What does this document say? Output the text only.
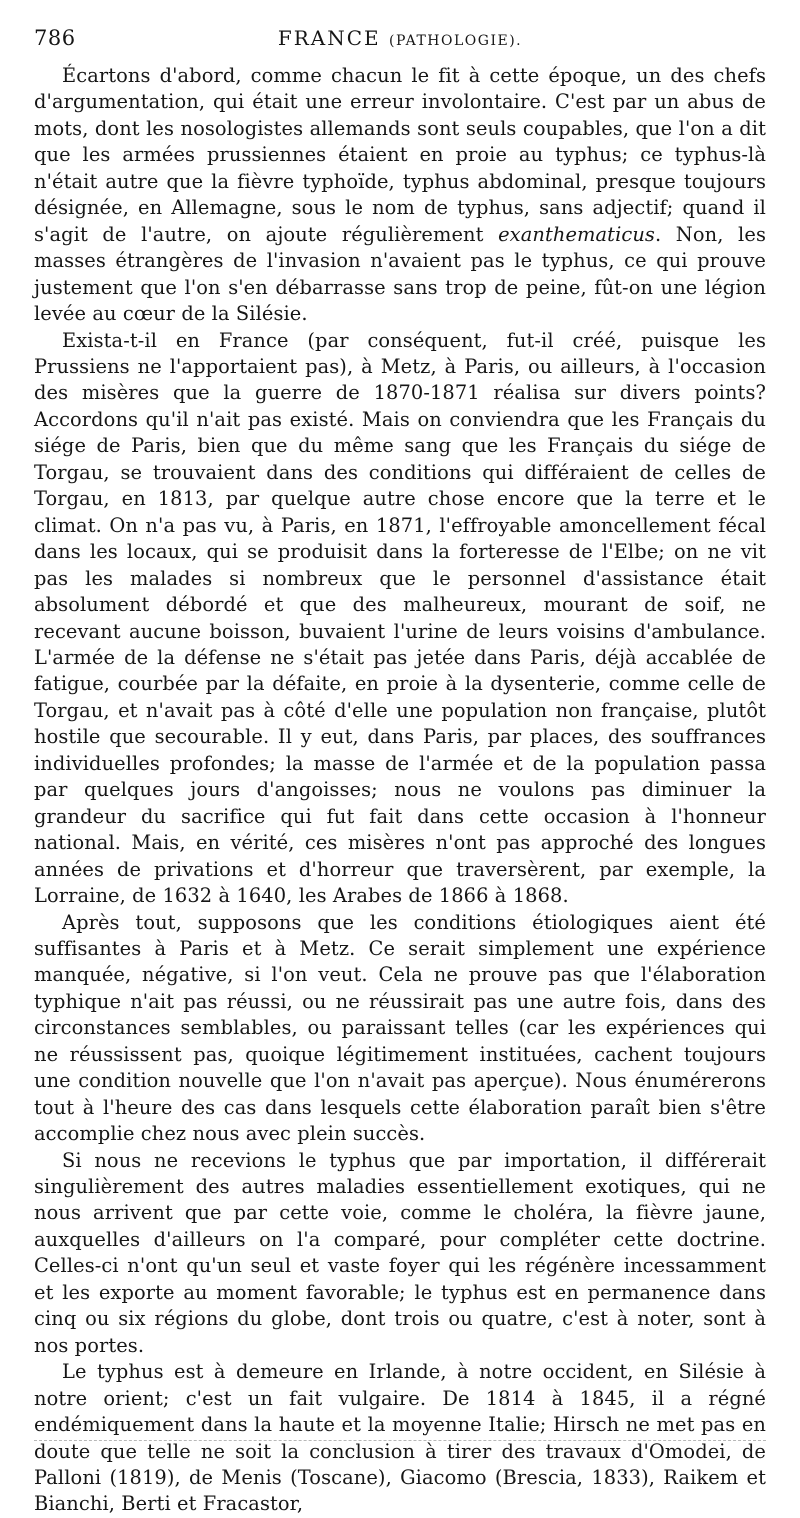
786	FRANCE (PATHOLOGIE).

Écartons d'abord, comme chacun le fit à cette époque, un des chefs d'argumentation, qui était une erreur involontaire. C'est par un abus de mots, dont les nosologistes allemands sont seuls coupables, que l'on a dit que les armées prussiennes étaient en proie au typhus; ce typhus-là n'était autre que la fièvre typhoïde, typhus abdominal, presque toujours désignée, en Allemagne, sous le nom de typhus, sans adjectif; quand il s'agit de l'autre, on ajoute régulièrement exanthematicus. Non, les masses étrangères de l'invasion n'avaient pas le typhus, ce qui prouve justement que l'on s'en débarrasse sans trop de peine, fût-on une légion levée au cœur de la Silésie.

Exista-t-il en France (par conséquent, fut-il créé, puisque les Prussiens ne l'apportaient pas), à Metz, à Paris, ou ailleurs, à l'occasion des misères que la guerre de 1870-1871 réalisa sur divers points? Accordons qu'il n'ait pas existé. Mais on conviendra que les Français du siége de Paris, bien que du même sang que les Français du siége de Torgau, se trouvaient dans des conditions qui différaient de celles de Torgau, en 1813, par quelque autre chose encore que la terre et le climat. On n'a pas vu, à Paris, en 1871, l'effroyable amoncellement fécal dans les locaux, qui se produisit dans la forteresse de l'Elbe; on ne vit pas les malades si nombreux que le personnel d'assistance était absolument débordé et que des malheureux, mourant de soif, ne recevant aucune boisson, buvaient l'urine de leurs voisins d'ambulance. L'armée de la défense ne s'était pas jetée dans Paris, déjà accablée de fatigue, courbée par la défaite, en proie à la dysenterie, comme celle de Torgau, et n'avait pas à côté d'elle une population non française, plutôt hostile que secourable. Il y eut, dans Paris, par places, des souffrances individuelles profondes; la masse de l'armée et de la population passa par quelques jours d'angoisses; nous ne voulons pas diminuer la grandeur du sacrifice qui fut fait dans cette occasion à l'honneur national. Mais, en vérité, ces misères n'ont pas approché des longues années de privations et d'horreur que traversèrent, par exemple, la Lorraine, de 1632 à 1640, les Arabes de 1866 à 1868.

Après tout, supposons que les conditions étiologiques aient été suffisantes à Paris et à Metz. Ce serait simplement une expérience manquée, négative, si l'on veut. Cela ne prouve pas que l'élaboration typhique n'ait pas réussi, ou ne réussirait pas une autre fois, dans des circonstances semblables, ou paraissant telles (car les expériences qui ne réussissent pas, quoique légitimement instituées, cachent toujours une condition nouvelle que l'on n'avait pas aperçue). Nous énumérerons tout à l'heure des cas dans lesquels cette élaboration paraît bien s'être accomplie chez nous avec plein succès.

Si nous ne recevions le typhus que par importation, il différerait singulièrement des autres maladies essentiellement exotiques, qui ne nous arrivent que par cette voie, comme le choléra, la fièvre jaune, auxquelles d'ailleurs on l'a comparé, pour compléter cette doctrine. Celles-ci n'ont qu'un seul et vaste foyer qui les régénère incessamment et les exporte au moment favorable; le typhus est en permanence dans cinq ou six régions du globe, dont trois ou quatre, c'est à noter, sont à nos portes.

Le typhus est à demeure en Irlande, à notre occident, en Silésie à notre orient; c'est un fait vulgaire. De 1814 à 1845, il a régné endémiquement dans la haute et la moyenne Italie; Hirsch ne met pas en doute que telle ne soit la conclusion à tirer des travaux d'Omodei, de Palloni (1819), de Menis (Toscane), Giacomo (Brescia, 1833), Raikem et Bianchi, Berti et Fracastor,
